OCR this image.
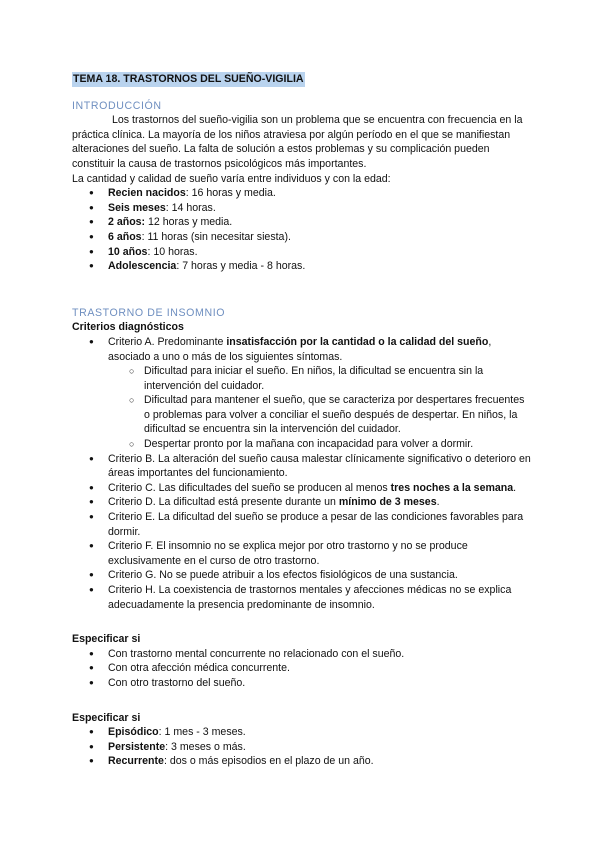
TEMA 18. TRASTORNOS DEL SUEÑO-VIGILIA
INTRODUCCIÓN

Los trastornos del sueño-vigilia son un problema que se encuentra con frecuencia en la práctica clínica. La mayoría de los niños atraviesa por algún período en el que se manifiestan alteraciones del sueño. La falta de solución a estos problemas y su complicación pueden constituir la causa de trastornos psicológicos más importantes.

La cantidad y calidad de sueño varía entre individuos y con la edad:

● Recien nacidos: 16 horas y media.
● Seis meses: 14 horas.
● 2 años: 12 horas y media.
● 6 años: 11 horas (sin necesitar siesta).
● 10 años: 10 horas.
● Adolescencia: 7 horas y media - 8 horas.
TRASTORNO DE INSOMNIO

Criterios diagnósticos

● Criterio A. Predominante insatisfacción por la cantidad o la calidad del sueño, asociado a uno o más de los siguientes síntomas.
○ Dificultad para iniciar el sueño. En niños, la dificultad se encuentra sin la intervención del cuidador.
○ Dificultad para mantener el sueño, que se caracteriza por despertares frecuentes o problemas para volver a conciliar el sueño después de despertar. En niños, la dificultad se encuentra sin la intervención del cuidador.
○ Despertar pronto por la mañana con incapacidad para volver a dormir.
● Criterio B. La alteración del sueño causa malestar clínicamente significativo o deterioro en áreas importantes del funcionamiento.
● Criterio C. Las dificultades del sueño se producen al menos tres noches a la semana.
● Criterio D. La dificultad está presente durante un mínimo de 3 meses.
● Criterio E. La dificultad del sueño se produce a pesar de las condiciones favorables para dormir.
● Criterio F. El insomnio no se explica mejor por otro trastorno y no se produce exclusivamente en el curso de otro trastorno.
● Criterio G. No se puede atribuir a los efectos fisiológicos de una sustancia.
● Criterio H. La coexistencia de trastornos mentales y afecciones médicas no se explica adecuadamente la presencia predominante de insomnio.

Especificar si

● Con trastorno mental concurrente no relacionado con el sueño.
● Con otra afección médica concurrente.
● Con otro trastorno del sueño.

Especificar si

● Episódico: 1 mes - 3 meses.
● Persistente: 3 meses o más.
● Recurrente: dos o más episodios en el plazo de un año.
